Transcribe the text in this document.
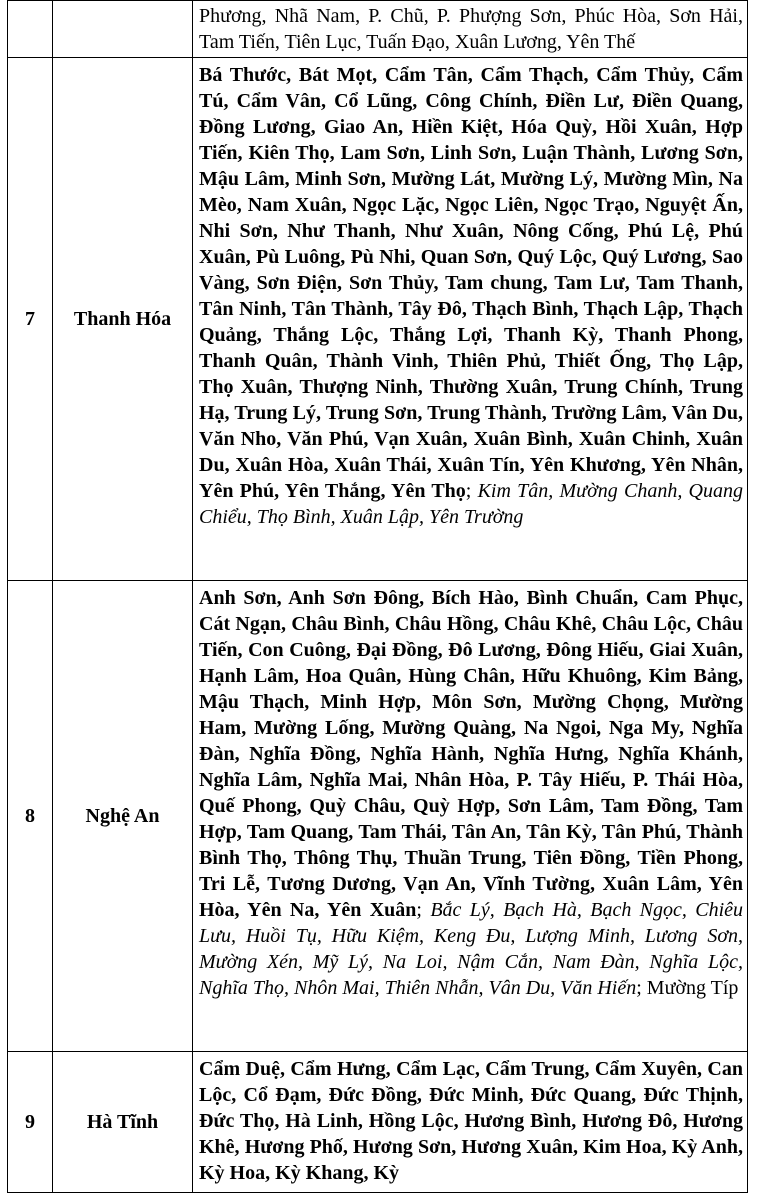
		Phương, Nhã Nam, P. Chũ, P. Phượng Sơn, Phúc Hòa, Sơn Hải, Tam Tiến, Tiên Lục, Tuấn Đạo, Xuân Lương, Yên Thế
7	Thanh Hóa	Bá Thước, Bát Mọt, Cẩm Tân, Cẩm Thạch, Cẩm Thủy, Cẩm Tú, Cẩm Vân, Cổ Lũng, Công Chính, Điền Lư, Điền Quang, Đồng Lương, Giao An, Hiền Kiệt, Hóa Quỳ, Hồi Xuân, Hợp Tiến, Kiên Thọ, Lam Sơn, Linh Sơn, Luận Thành, Lương Sơn, Mậu Lâm, Minh Sơn, Mường Lát, Mường Lý, Mường Mìn, Na Mèo, Nam Xuân, Ngọc Lặc, Ngọc Liên, Ngọc Trạo, Nguyệt Ấn, Nhi Sơn, Như Thanh, Như Xuân, Nông Cống, Phú Lệ, Phú Xuân, Pù Luông, Pù Nhi, Quan Sơn, Quý Lộc, Quý Lương, Sao Vàng, Sơn Điện, Sơn Thủy, Tam chung, Tam Lư, Tam Thanh, Tân Ninh, Tân Thành, Tây Đô, Thạch Bình, Thạch Lập, Thạch Quảng, Thắng Lộc, Thắng Lợi, Thanh Kỳ, Thanh Phong, Thanh Quân, Thành Vinh, Thiên Phủ, Thiết Ống, Thọ Lập, Thọ Xuân, Thượng Ninh, Thường Xuân, Trung Chính, Trung Hạ, Trung Lý, Trung Sơn, Trung Thành, Trường Lâm, Vân Du, Văn Nho, Văn Phú, Vạn Xuân, Xuân Bình, Xuân Chinh, Xuân Du, Xuân Hòa, Xuân Thái, Xuân Tín, Yên Khương, Yên Nhân, Yên Phú, Yên Thắng, Yên Thọ; Kim Tân, Mường Chanh, Quang Chiểu, Thọ Bình, Xuân Lập, Yên Trường
8	Nghệ An	Anh Sơn, Anh Sơn Đông, Bích Hào, Bình Chuẩn, Cam Phục, Cát Ngạn, Châu Bình, Châu Hồng, Châu Khê, Châu Lộc, Châu Tiến, Con Cuông, Đại Đồng, Đô Lương, Đông Hiếu, Giai Xuân, Hạnh Lâm, Hoa Quân, Hùng Chân, Hữu Khuông, Kim Bảng, Mậu Thạch, Minh Hợp, Môn Sơn, Mường Chọng, Mường Ham, Mường Lống, Mường Quàng, Na Ngoi, Nga My, Nghĩa Đàn, Nghĩa Đồng, Nghĩa Hành, Nghĩa Hưng, Nghĩa Khánh, Nghĩa Lâm, Nghĩa Mai, Nhân Hòa, P. Tây Hiếu, P. Thái Hòa, Quế Phong, Quỳ Châu, Quỳ Hợp, Sơn Lâm, Tam Đồng, Tam Hợp, Tam Quang, Tam Thái, Tân An, Tân Kỳ, Tân Phú, Thành Bình Thọ, Thông Thụ, Thuần Trung, Tiên Đồng, Tiền Phong, Tri Lễ, Tương Dương, Vạn An, Vĩnh Tường, Xuân Lâm, Yên Hòa, Yên Na, Yên Xuân; Bắc Lý, Bạch Hà, Bạch Ngọc, Chiêu Lưu, Huồi Tụ, Hữu Kiệm, Keng Đu, Lượng Minh, Lương Sơn, Mường Xén, Mỹ Lý, Na Loi, Nậm Cắn, Nam Đàn, Nghĩa Lộc, Nghĩa Thọ, Nhôn Mai, Thiên Nhẫn, Vân Du, Văn Hiến; Mường Típ
9	Hà Tĩnh	Cẩm Duệ, Cẩm Hưng, Cẩm Lạc, Cẩm Trung, Cẩm Xuyên, Can Lộc, Cổ Đạm, Đức Đồng, Đức Minh, Đức Quang, Đức Thịnh, Đức Thọ, Hà Linh, Hồng Lộc, Hương Bình, Hương Đô, Hương Khê, Hương Phố, Hương Sơn, Hương Xuân, Kim Hoa, Kỳ Anh, Kỳ Hoa, Kỳ Khang, Kỳ
